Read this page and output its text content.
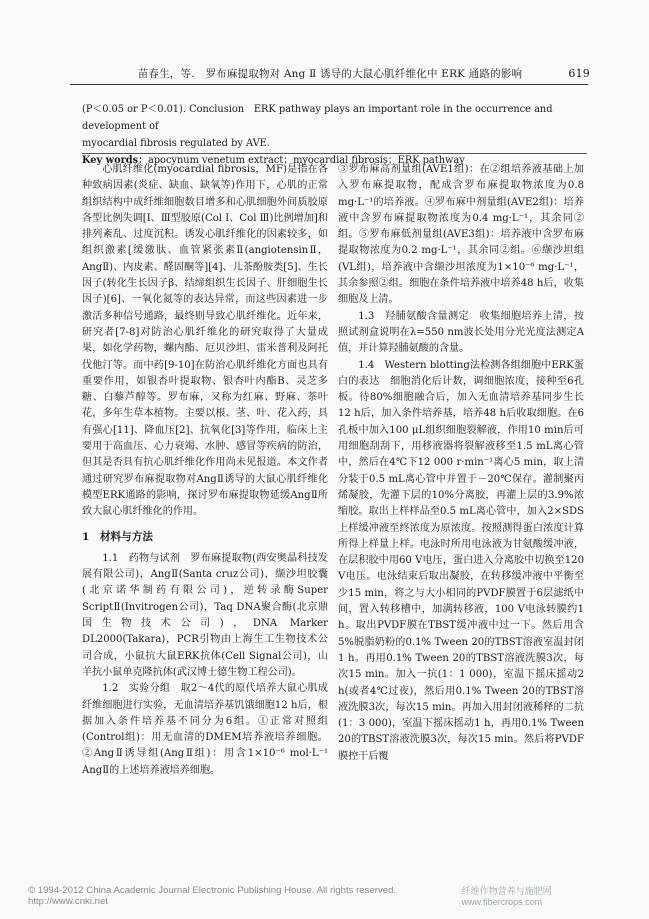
苗春生，等.　罗布麻提取物对 Ang Ⅱ 诱导的大鼠心肌纤维化中 ERK 通路的影响	619

(P＜0.05 or P＜0.01). Conclusion　ERK pathway plays an important role in the occurrence and development of

myocardial fibrosis regulated by AVE.

Key words：apocynum venetum extract；myocardial fibrosis；ERK pathway

心肌纤维化(myocardial fibrosis，MF)是指在各种致病因素(炎症、缺血、缺氧等)作用下，心肌的正常组织结构中成纤维细胞数目增多和心肌细胞外间质胶原各型比例失调[Ⅰ、Ⅲ型胶原(Col Ⅰ、Col Ⅲ)比例增加]和排列紊乱、过度沉积。诱发心肌纤维化的因素较多，如组织激素[缓激肽、血管紧张素Ⅱ(angiotensinⅡ，AngⅡ)、内皮素、醛固酮等][4]、儿茶酚胺类[5]、生长因子(转化生长因子β、结缔组织生长因子、肝细胞生长因子)[6]、一氧化氮等的表达异常，而这些因素进一步激活多种信号通路，最终则导致心肌纤维化。近年来，研究者[7-8]对防治心肌纤维化的研究取得了大量成果，如化学药物，螺内酯、厄贝沙坦、雷米普利及阿托伐他汀等。而中药[9-10]在防治心肌纤维化方面也具有重要作用，如银杏叶提取物、银杏叶内酯B、灵芝多糖、白藜芦醇等。罗布麻，又称为红麻、野麻、茶叶花，多年生草本植物。主要以根、茎、叶、花入药，具有强心[11]、降血压[2]、抗氧化[3]等作用，临床上主要用于高血压、心力衰竭、水肿、感冒等疾病的防治，但其是否具有抗心肌纤维化作用尚未见报道。本文作者通过研究罗布麻提取物对AngⅡ诱导的大鼠心肌纤维化模型ERK通路的影响，探讨罗布麻提取物延缓AngⅡ所致大鼠心肌纤维化的作用。

1　材料与方法

1.1　药物与试剂　罗布麻提取物(西安奥晶科技发展有限公司)，AngⅡ(Santa cruz公司)，缬沙坦胶囊(北京诺华制药有限公司)，逆转录酶Super ScriptⅡ(Invitrogen公司)，Taq DNA聚合酶(北京鼎国生物技术公司)，DNA Marker DL2000(Takara)，PCR引物由上海生工生物技术公司合成，小鼠抗大鼠ERK抗体(Cell Signal公司)，山羊抗小鼠单克隆抗体(武汉博士德生物工程公司)。

1.2　实验分组　取2～4代的原代培养大鼠心肌成纤维细胞进行实验，无血清培养基饥饿细胞12 h后，根据加入条件培养基不同分为6组。①正常对照组(Control组)：用无血清的DMEM培养液培养细胞。②AngⅡ诱导组(AngⅡ组)：用含1×10⁻⁶ mol·L⁻¹ AngⅡ的上述培养液培养细胞。

③罗布麻高剂量组(AVE1组)：在②组培养液基础上加入罗布麻提取物，配成含罗布麻提取物浓度为0.8 mg·L⁻¹的培养液。④罗布麻中剂量组(AVE2组)：培养液中含罗布麻提取物浓度为0.4 mg·L⁻¹，其余同②组。⑤罗布麻低剂量组(AVE3组)：培养液中含罗布麻提取物浓度为0.2 mg·L⁻¹，其余同②组。⑥缬沙坦组(VL组)，培养液中含缬沙坦浓度为1×10⁻⁶ mg·L⁻¹，其余参照②组。细胞在条件培养液中培养48 h后，收集细胞及上清。

1.3　羟脯氨酸含量测定　收集细胞培养上清，按照试剂盒说明在λ=550 nm波长处用分光光度法测定A值，并计算羟脯氨酸的含量。

1.4　Western blotting法检测各组细胞中ERK蛋白的表达　细胞消化后计数，调细胞浓度，接种至6孔板。待80%细胞融合后，加入无血清培养基同步生长12 h后，加入条件培养基，培养48 h后收取细胞。在6孔板中加入100 μL组织细胞裂解液，作用10 min后可用细胞刮刮下，用移液器将裂解液移至1.5 mL离心管中，然后在4℃下12 000 r·min⁻¹离心5 min，取上清分装于0.5 mL离心管中并置于－20℃保存。灌制聚丙烯凝胶，先灌下层的10%分离胶，再灌上层的3.9%浓缩胶。取出上样样品至0.5 mL离心管中，加入2×SDS上样缓冲液至终浓度为原浓度。按照测得蛋白浓度计算所得上样量上样。电泳时所用电泳液为甘氨酸缓冲液，在层积胶中用60 V电压，蛋白进入分离胶中切换至120 V电压。电泳结束后取出凝胶，在转移缓冲液中平衡至少15 min，将之与大小相同的PVDF膜置于6层滤纸中间，置入转移槽中，加满转移液，100 V电泳转膜约1 h。取出PVDF膜在TBST缓冲液中过一下。然后用含5%脱脂奶粉的0.1% Tween 20的TBST溶液室温封闭1 h。再用0.1% Tween 20的TBST溶液洗膜3次，每次15 min。加入一抗(1：1 000)，室温下摇床摇动2 h(或者4℃过夜)，然后用0.1% Tween 20的TBST溶液洗膜3次，每次15 min。再加入用封闭液稀释的二抗(1：3 000)，室温下摇床摇动1 h，再用0.1% Tween 20的TBST溶液洗膜3次，每次15 min。然后将PVDF膜控干后覆

© 1994-2012 China Academic Journal Electronic Publishing House. All rights reserved. http://www.cnki.net
纤维作物营养与施肥网 www.fibercrops.com
